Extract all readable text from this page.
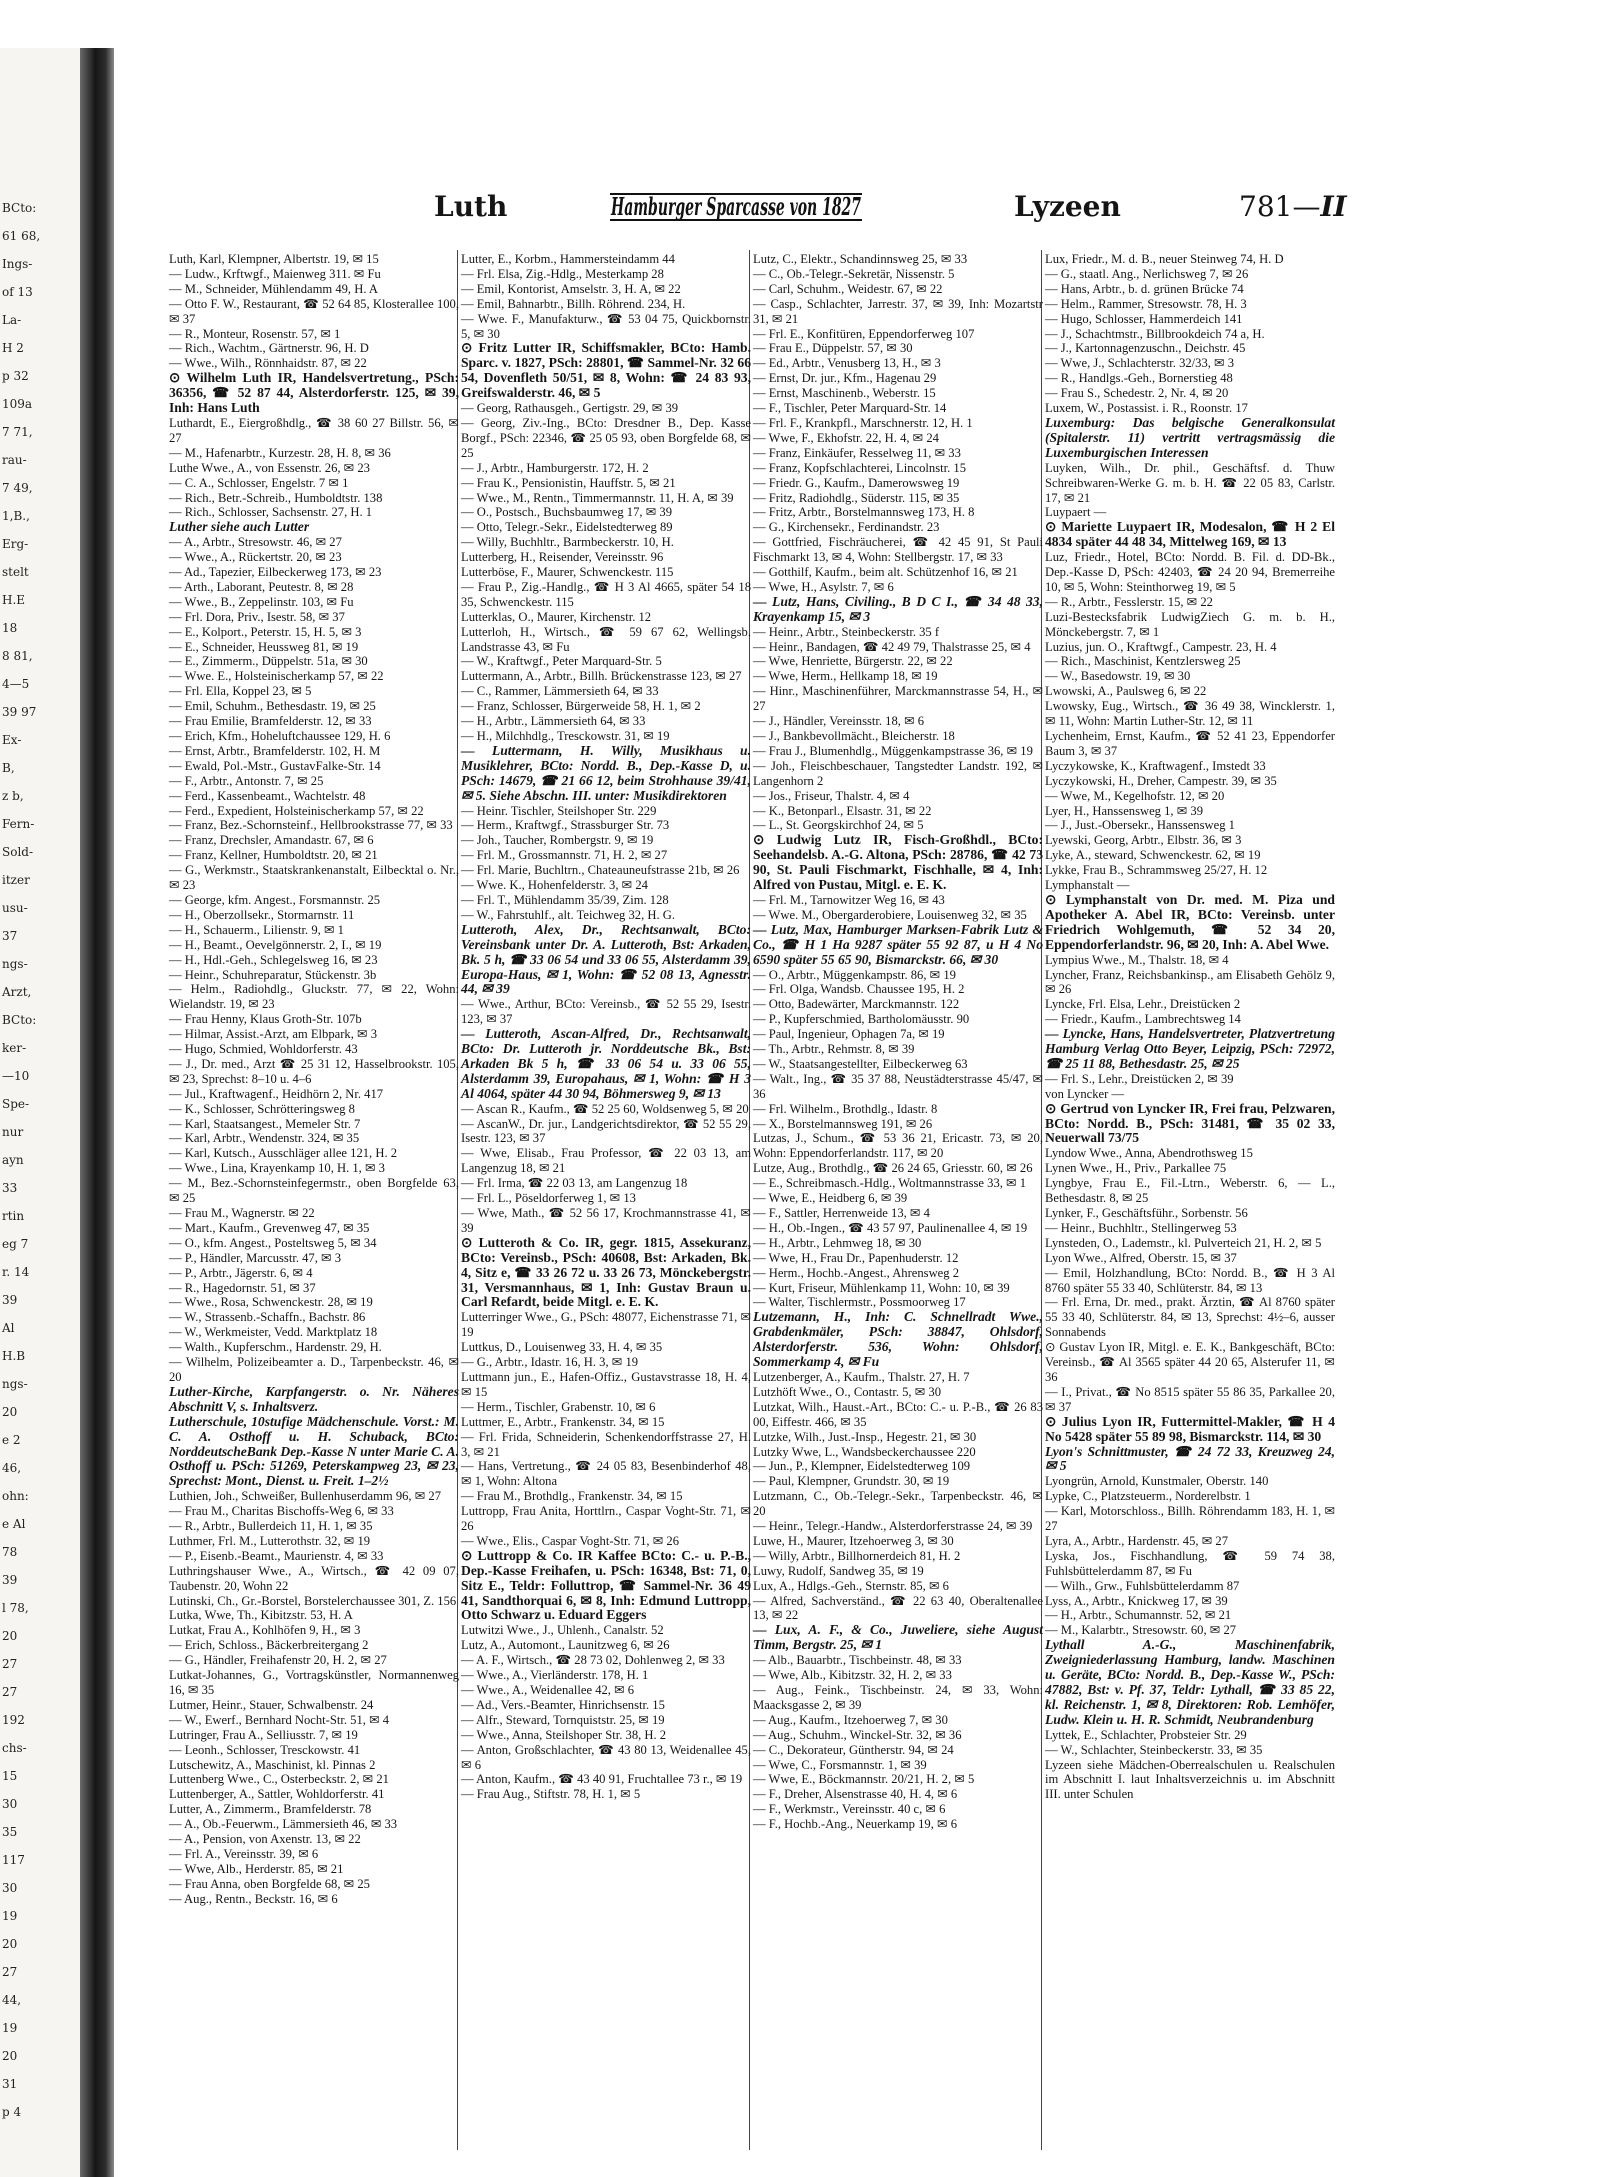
BCto:
61 68,
Ings-
of 13
La-
H 2
p 32
109a
7 71,
rau-
7 49,
1,B.,
Erg-
stelt
H.E
18
8 81,
4—5
39 97
Ex-
B,
z b,
Fern-
Sold-
itzer
usu-
37
ngs-
Arzt,
BCto:
ker-
—10
Spe-
nur
ayn
33
rtin
eg 7
r. 14
39
Al
H.B
ngs-
20
e 2
46,
ohn:
e Al
78
39
l 78,
20
27
27
192
chs-
15
30
35
117
30
19
20
27
44,
19
20
31
p 4
Luth	Hamburger Sparcasse von 1827	Lyzeen	781—II

Luth, Karl, Klempner, Albertstr. 19, ✉ 15

— Ludw., Krftwgf., Maienweg 311. ✉ Fu

— M., Schneider, Mühlendamm 49, H. A

— Otto F. W., Restaurant, ☎ 52 64 85, Klosterallee 100, ✉ 37

— R., Monteur, Rosenstr. 57, ✉ 1

— Rich., Wachtm., Gärtnerstr. 96, H. D

— Wwe., Wilh., Rönnhaidstr. 87, ✉ 22

⊙ Wilhelm Luth IR, Handelsvertretung., PSch: 36356, ☎ 52 87 44, Alsterdorferstr. 125, ✉ 39, Inh: Hans Luth

Luthardt, E., Eiergroßhdlg., ☎ 38 60 27 Billstr. 56, ✉ 27

— M., Hafenarbtr., Kurzestr. 28, H. 8, ✉ 36

Luthe Wwe., A., von Essenstr. 26, ✉ 23

— C. A., Schlosser, Engelstr. 7 ✉ 1

— Rich., Betr.-Schreib., Humboldtstr. 138

— Rich., Schlosser, Sachsenstr. 27, H. 1

Luther siehe auch Lutter

— A., Arbtr., Stresowstr. 46, ✉ 27

— Wwe., A., Rückertstr. 20, ✉ 23

— Ad., Tapezier, Eilbeckerweg 173, ✉ 23

— Arth., Laborant, Peutestr. 8, ✉ 28

— Wwe., B., Zeppelinstr. 103, ✉ Fu

— Frl. Dora, Priv., Isestr. 58, ✉ 37

— E., Kolport., Peterstr. 15, H. 5, ✉ 3

— E., Schneider, Heussweg 81, ✉ 19

— E., Zimmerm., Düppelstr. 51a, ✉ 30

— Wwe. E., Holsteinischerkamp 57, ✉ 22

— Frl. Ella, Koppel 23, ✉ 5

— Emil, Schuhm., Bethesdastr. 19, ✉ 25

— Frau Emilie, Bramfelderstr. 12, ✉ 33

— Erich, Kfm., Hoheluftchaussee 129, H. 6

— Ernst, Arbtr., Bramfelderstr. 102, H. M

— Ewald, Pol.-Mstr., GustavFalke-Str. 14

— F., Arbtr., Antonstr. 7, ✉ 25

— Ferd., Kassenbeamt., Wachtelstr. 48

— Ferd., Expedient, Holsteinischerkamp 57, ✉ 22

— Franz, Bez.-Schornsteinf., Hellbrookstrasse 77, ✉ 33

— Franz, Drechsler, Amandastr. 67, ✉ 6

— Franz, Kellner, Humboldtstr. 20, ✉ 21

— G., Werkmstr., Staatskrankenanstalt, Eilbecktal o. Nr., ✉ 23

— George, kfm. Angest., Forsmannstr. 25

— H., Oberzollsekr., Stormarnstr. 11

— H., Schauerm., Lilienstr. 9, ✉ 1

— H., Beamt., Oevelgönnerstr. 2, I., ✉ 19

— H., Hdl.-Geh., Schlegelsweg 16, ✉ 23

— Heinr., Schuhreparatur, Stückenstr. 3b

— Helm., Radiohdlg., Gluckstr. 77, ✉ 22, Wohn: Wielandstr. 19, ✉ 23

— Frau Henny, Klaus Groth-Str. 107b

— Hilmar, Assist.-Arzt, am Elbpark, ✉ 3

— Hugo, Schmied, Wohldorferstr. 43

— J., Dr. med., Arzt ☎ 25 31 12, Hasselbrookstr. 105, ✉ 23, Sprechst: 8–10 u. 4–6

— Jul., Kraftwagenf., Heidhörn 2, Nr. 417

— K., Schlosser, Schrötteringsweg 8

— Karl, Staatsangest., Memeler Str. 7

— Karl, Arbtr., Wendenstr. 324, ✉ 35

— Karl, Kutsch., Ausschläger allee 121, H. 2

— Wwe., Lina, Krayenkamp 10, H. 1, ✉ 3

— M., Bez.-Schornsteinfegermstr., oben Borgfelde 63, ✉ 25

— Frau M., Wagnerstr. ✉ 22

— Mart., Kaufm., Grevenweg 47, ✉ 35

— O., kfm. Angest., Posteltsweg 5, ✉ 34

— P., Händler, Marcusstr. 47, ✉ 3

— P., Arbtr., Jägerstr. 6, ✉ 4

— R., Hagedornstr. 51, ✉ 37

— Wwe., Rosa, Schwenckestr. 28, ✉ 19

— W., Strassenb.-Schaffn., Bachstr. 86

— W., Werkmeister, Vedd. Marktplatz 18

— Walth., Kupferschm., Hardenstr. 29, H.

— Wilhelm, Polizeibeamter a. D., Tarpenbeckstr. 46, ✉ 20

Luther-Kirche, Karpfangerstr. o. Nr. Näheres Abschnitt V, s. Inhaltsverz.

Lutherschule, 10stufige Mädchenschule. Vorst.: M. C. A. Osthoff u. H. Schuback, BCto: NorddeutscheBank Dep.-Kasse N unter Marie C. A. Osthoff u. PSch: 51269, Peterskampweg 23, ✉ 23, Sprechst: Mont., Dienst. u. Freit. 1–2½

Luthien, Joh., Schweißer, Bullenhuserdamm 96, ✉ 27

— Frau M., Charitas Bischoffs-Weg 6, ✉ 33

— R., Arbtr., Bullerdeich 11, H. 1, ✉ 35

Luthmer, Frl. M., Lutterothstr. 32, ✉ 19

— P., Eisenb.-Beamt., Maurienstr. 4, ✉ 33

Luthringshauser Wwe., A., Wirtsch., ☎ 42 09 07, Taubenstr. 20, Wohn 22

Lutinski, Ch., Gr.-Borstel, Borstelerchaussee 301, Z. 156

Lutka, Wwe, Th., Kibitzstr. 53, H. A

Lutkat, Frau A., Kohlhöfen 9, H., ✉ 3

— Erich, Schloss., Bäckerbreitergang 2

— G., Händler, Freihafenstr 20, H. 2, ✉ 27

Lutkat-Johannes, G., Vortragskünstler, Normannenweg 16, ✉ 35

Lutmer, Heinr., Stauer, Schwalbenstr. 24

— W., Ewerf., Bernhard Nocht-Str. 51, ✉ 4

Lutringer, Frau A., Selliusstr. 7, ✉ 19

— Leonh., Schlosser, Tresckowstr. 41

Lutschewitz, A., Maschinist, kl. Pinnas 2

Luttenberg Wwe., C., Osterbeckstr. 2, ✉ 21

Luttenberger, A., Sattler, Wohldorferstr. 41

Lutter, A., Zimmerm., Bramfelderstr. 78

— A., Ob.-Feuerwm., Lämmersieth 46, ✉ 33

— A., Pension, von Axenstr. 13, ✉ 22

— Frl. A., Vereinsstr. 39, ✉ 6

— Wwe, Alb., Herderstr. 85, ✉ 21

— Frau Anna, oben Borgfelde 68, ✉ 25

— Aug., Rentn., Beckstr. 16, ✉ 6

Lutter, E., Korbm., Hammersteindamm 44

— Frl. Elsa, Zig.-Hdlg., Mesterkamp 28

— Emil, Kontorist, Amselstr. 3, H. A, ✉ 22

— Emil, Bahnarbtr., Billh. Röhrend. 234, H.

— Wwe. F., Manufakturw., ☎ 53 04 75, Quickbornstr. 5, ✉ 30

⊙ Fritz Lutter IR, Schiffsmakler, BCto: Hamb. Sparc. v. 1827, PSch: 28801, ☎ Sammel-Nr. 32 66 54, Dovenfleth 50/51, ✉ 8, Wohn: ☎ 24 83 93, Greifswalderstr. 46, ✉ 5

— Georg, Rathausgeh., Gertigstr. 29, ✉ 39

— Georg, Ziv.-Ing., BCto: Dresdner B., Dep. Kasse Borgf., PSch: 22346, ☎ 25 05 93, oben Borgfelde 68, ✉ 25

— J., Arbtr., Hamburgerstr. 172, H. 2

— Frau K., Pensionistin, Hauffstr. 5, ✉ 21

— Wwe., M., Rentn., Timmermannstr. 11, H. A, ✉ 39

— O., Postsch., Buchsbaumweg 17, ✉ 39

— Otto, Telegr.-Sekr., Eidelstedterweg 89

— Willy, Buchhltr., Barmbeckerstr. 10, H.

Lutterberg, H., Reisender, Vereinsstr. 96

Lutterböse, F., Maurer, Schwenckestr. 115

— Frau P., Zig.-Handlg., ☎ H 3 Al 4665, später 54 18 35, Schwenckestr. 115

Lutterklas, O., Maurer, Kirchenstr. 12

Lutterloh, H., Wirtsch., ☎ 59 67 62, Wellingsb. Landstrasse 43, ✉ Fu

— W., Kraftwgf., Peter Marquard-Str. 5

Luttermann, A., Arbtr., Billh. Brückenstrasse 123, ✉ 27

— C., Rammer, Lämmersieth 64, ✉ 33

— Franz, Schlosser, Bürgerweide 58, H. 1, ✉ 2

— H., Arbtr., Lämmersieth 64, ✉ 33

— H., Milchhdlg., Tresckowstr. 31, ✉ 19

— Luttermann, H. Willy, Musikhaus u. Musiklehrer, BCto: Nordd. B., Dep.-Kasse D, u. PSch: 14679, ☎ 21 66 12, beim Strohhause 39/41, ✉ 5. Siehe Abschn. III. unter: Musikdirektoren

— Heinr. Tischler, Steilshoper Str. 229

— Herm., Kraftwgf., Strassburger Str. 73

— Joh., Taucher, Rombergstr. 9, ✉ 19

— Frl. M., Grossmannstr. 71, H. 2, ✉ 27

— Frl. Marie, Buchltrn., Chateauneufstrasse 21b, ✉ 26

— Wwe. K., Hohenfelderstr. 3, ✉ 24

— Frl. T., Mühlendamm 35/39, Zim. 128

— W., Fahrstuhlf., alt. Teichweg 32, H. G.

Lutteroth, Alex, Dr., Rechtsanwalt, BCto: Vereinsbank unter Dr. A. Lutteroth, Bst: Arkaden, Bk. 5 h, ☎ 33 06 54 und 33 06 55, Alsterdamm 39, Europa-Haus, ✉ 1, Wohn: ☎ 52 08 13, Agnesstr. 44, ✉ 39

— Wwe., Arthur, BCto: Vereinsb., ☎ 52 55 29, Isestr. 123, ✉ 37

— Lutteroth, Ascan-Alfred, Dr., Rechtsanwalt, BCto: Dr. Lutteroth jr. Norddeutsche Bk., Bst: Arkaden Bk 5 h, ☎ 33 06 54 u. 33 06 55, Alsterdamm 39, Europahaus, ✉ 1, Wohn: ☎ H 3 Al 4064, später 44 30 94, Böhmersweg 9, ✉ 13

— Ascan R., Kaufm., ☎ 52 25 60, Woldsenweg 5, ✉ 20

— AscanW., Dr. jur., Landgerichtsdirektor, ☎ 52 55 29, Isestr. 123, ✉ 37

— Wwe, Elisab., Frau Professor, ☎ 22 03 13, am Langenzug 18, ✉ 21

— Frl. Irma, ☎ 22 03 13, am Langenzug 18

— Frl. L., Pöseldorferweg 1, ✉ 13

— Wwe, Math., ☎ 52 56 17, Krochmannstrasse 41, ✉ 39

⊙ Lutteroth & Co. IR, gegr. 1815, Assekuranz, BCto: Vereinsb., PSch: 40608, Bst: Arkaden, Bk. 4, Sitz e, ☎ 33 26 72 u. 33 26 73, Mönckebergstr. 31, Versmannhaus, ✉ 1, Inh: Gustav Braun u. Carl Refardt, beide Mitgl. e. E. K.

Lutterringer Wwe., G., PSch: 48077, Eichenstrasse 71, ✉ 19

Luttkus, D., Louisenweg 33, H. 4, ✉ 35

— G., Arbtr., Idastr. 16, H. 3, ✉ 19

Luttmann jun., E., Hafen-Offiz., Gustavstrasse 18, H. 4, ✉ 15

— Herm., Tischler, Grabenstr. 10, ✉ 6

Luttmer, E., Arbtr., Frankenstr. 34, ✉ 15

— Frl. Frida, Schneiderin, Schenkendorffstrasse 27, H. 3, ✉ 21

— Hans, Vertretung., ☎ 24 05 83, Besenbinderhof 48, ✉ 1, Wohn: Altona

— Frau M., Brothdlg., Frankenstr. 34, ✉ 15

Luttropp, Frau Anita, Horttlrn., Caspar Voght-Str. 71, ✉ 26

— Wwe., Elis., Caspar Voght-Str. 71, ✉ 26

⊙ Luttropp & Co. IR Kaffee BCto: C.- u. P.-B., Dep.-Kasse Freihafen, u. PSch: 16348, Bst: 71, 0, Sitz E., Teldr: Folluttrop, ☎ Sammel-Nr. 36 49 41, Sandthorquai 6, ✉ 8, Inh: Edmund Luttropp, Otto Schwarz u. Eduard Eggers

Lutwitzi Wwe., J., Uhlenh., Canalstr. 52

Lutz, A., Automont., Launitzweg 6, ✉ 26

— A. F., Wirtsch., ☎ 28 73 02, Dohlenweg 2, ✉ 33

— Wwe., A., Vierländerstr. 178, H. 1

— Wwe., A., Weidenallee 42, ✉ 6

— Ad., Vers.-Beamter, Hinrichsenstr. 15

— Alfr., Steward, Tornquiststr. 25, ✉ 19

— Wwe., Anna, Steilshoper Str. 38, H. 2

— Anton, Großschlachter, ☎ 43 80 13, Weidenallee 45, ✉ 6

— Anton, Kaufm., ☎ 43 40 91, Fruchtallee 73 r., ✉ 19

— Frau Aug., Stiftstr. 78, H. 1, ✉ 5

Lutz, C., Elektr., Schandinnsweg 25, ✉ 33

— C., Ob.-Telegr.-Sekretär, Nissenstr. 5

— Carl, Schuhm., Weidestr. 67, ✉ 22

— Casp., Schlachter, Jarrestr. 37, ✉ 39, Inh: Mozartstr 31, ✉ 21

— Frl. E., Konfitüren, Eppendorferweg 107

— Frau E., Düppelstr. 57, ✉ 30

— Ed., Arbtr., Venusberg 13, H., ✉ 3

— Ernst, Dr. jur., Kfm., Hagenau 29

— Ernst, Maschinenb., Weberstr. 15

— F., Tischler, Peter Marquard-Str. 14

— Frl. F., Krankpfl., Marschnerstr. 12, H. 1

— Wwe, F., Ekhofstr. 22, H. 4, ✉ 24

— Franz, Einkäufer, Resselweg 11, ✉ 33

— Franz, Kopfschlachterei, Lincolnstr. 15

— Friedr. G., Kaufm., Damerowsweg 19

— Fritz, Radiohdlg., Süderstr. 115, ✉ 35

— Fritz, Arbtr., Borstelmannsweg 173, H. 8

— G., Kirchensekr., Ferdinandstr. 23

— Gottfried, Fischräucherei, ☎ 42 45 91, St Pauli Fischmarkt 13, ✉ 4, Wohn: Stellbergstr. 17, ✉ 33

— Gotthilf, Kaufm., beim alt. Schützenhof 16, ✉ 21

— Wwe, H., Asylstr. 7, ✉ 6

— Lutz, Hans, Civiling., B D C I., ☎ 34 48 33, Krayenkamp 15, ✉ 3

— Heinr., Arbtr., Steinbeckerstr. 35 f

— Heinr., Bandagen, ☎ 42 49 79, Thalstrasse 25, ✉ 4

— Wwe, Henriette, Bürgerstr. 22, ✉ 22

— Wwe, Herm., Hellkamp 18, ✉ 19

— Hinr., Maschinenführer, Marckmannstrasse 54, H., ✉ 27

— J., Händler, Vereinsstr. 18, ✉ 6

— J., Bankbevollmächt., Bleicherstr. 18

— Frau J., Blumenhdlg., Müggenkampstrasse 36, ✉ 19

— Joh., Fleischbeschauer, Tangstedter Landstr. 192, ✉ Langenhorn 2

— Jos., Friseur, Thalstr. 4, ✉ 4

— K., Betonparl., Elsastr. 31, ✉ 22

— L., St. Georgskirchhof 24, ✉ 5

⊙ Ludwig Lutz IR, Fisch-Großhdl., BCto: Seehandelsb. A.-G. Altona, PSch: 28786, ☎ 42 73 90, St. Pauli Fischmarkt, Fischhalle, ✉ 4, Inh: Alfred von Pustau, Mitgl. e. E. K.

— Frl. M., Tarnowitzer Weg 16, ✉ 43

— Wwe. M., Obergarderobiere, Louisenweg 32, ✉ 35

— Lutz, Max, Hamburger Marksen-Fabrik Lutz & Co., ☎ H 1 Ha 9287 später 55 92 87, u H 4 No 6590 später 55 65 90, Bismarckstr. 66, ✉ 30

— O., Arbtr., Müggenkampstr. 86, ✉ 19

— Frl. Olga, Wandsb. Chaussee 195, H. 2

— Otto, Badewärter, Marckmannstr. 122

— P., Kupferschmied, Bartholomäusstr. 90

— Paul, Ingenieur, Ophagen 7a, ✉ 19

— Th., Arbtr., Rehmstr. 8, ✉ 39

— W., Staatsangestellter, Eilbeckerweg 63

— Walt., Ing., ☎ 35 37 88, Neustädterstrasse 45/47, ✉ 36

— Frl. Wilhelm., Brothdlg., Idastr. 8

— X., Borstelmannsweg 191, ✉ 26

Lutzas, J., Schum., ☎ 53 36 21, Ericastr. 73, ✉ 20, Wohn: Eppendorferlandstr. 117, ✉ 20

Lutze, Aug., Brothdlg., ☎ 26 24 65, Griesstr. 60, ✉ 26

— E., Schreibmasch.-Hdlg., Woltmannstrasse 33, ✉ 1

— Wwe, E., Heidberg 6, ✉ 39

— F., Sattler, Herrenweide 13, ✉ 4

— H., Ob.-Ingen., ☎ 43 57 97, Paulinenallee 4, ✉ 19

— H., Arbtr., Lehmweg 18, ✉ 30

— Wwe, H., Frau Dr., Papenhuderstr. 12

— Herm., Hochb.-Angest., Ahrensweg 2

— Kurt, Friseur, Mühlenkamp 11, Wohn: 10, ✉ 39

— Walter, Tischlermstr., Possmoorweg 17

Lutzemann, H., Inh: C. Schnellradt Wwe., Grabdenkmäler, PSch: 38847, Ohlsdorf, Alsterdorferstr. 536, Wohn: Ohlsdorf, Sommerkamp 4, ✉ Fu

Lutzenberger, A., Kaufm., Thalstr. 27, H. 7

Lutzhöft Wwe., O., Contastr. 5, ✉ 30

Lutzkat, Wilh., Haust.-Art., BCto: C.- u. P.-B., ☎ 26 83 00, Eiffestr. 466, ✉ 35

Lutzke, Wilh., Just.-Insp., Hegestr. 21, ✉ 30

Lutzky Wwe, L., Wandsbeckerchaussee 220

— Jun., P., Klempner, Eidelstedterweg 109

— Paul, Klempner, Grundstr. 30, ✉ 19

Lutzmann, C., Ob.-Telegr.-Sekr., Tarpenbeckstr. 46, ✉ 20

— Heinr., Telegr.-Handw., Alsterdorferstrasse 24, ✉ 39

Luwe, H., Maurer, Itzehoerweg 3, ✉ 30

— Willy, Arbtr., Billhornerdeich 81, H. 2

Luwy, Rudolf, Sandweg 35, ✉ 19

Lux, A., Hdlgs.-Geh., Sternstr. 85, ✉ 6

— Alfred, Sachverständ., ☎ 22 63 40, Oberaltenallee 13, ✉ 22

— Lux, A. F., & Co., Juweliere, siehe August Timm, Bergstr. 25, ✉ 1

— Alb., Bauarbtr., Tischbeinstr. 48, ✉ 33

— Wwe, Alb., Kibitzstr. 32, H. 2, ✉ 33

— Aug., Feink., Tischbeinstr. 24, ✉ 33, Wohn: Maacksgasse 2, ✉ 39

— Aug., Kaufm., Itzehoerweg 7, ✉ 30

— Aug., Schuhm., Winckel-Str. 32, ✉ 36

— C., Dekorateur, Güntherstr. 94, ✉ 24

— Wwe, C., Forsmannstr. 1, ✉ 39

— Wwe, E., Böckmannstr. 20/21, H. 2, ✉ 5

— F., Dreher, Alsenstrasse 40, H. 4, ✉ 6

— F., Werkmstr., Vereinsstr. 40 c, ✉ 6

— F., Hochb.-Ang., Neuerkamp 19, ✉ 6

Lux, Friedr., M. d. B., neuer Steinweg 74, H. D

— G., staatl. Ang., Nerlichsweg 7, ✉ 26

— Hans, Arbtr., b. d. grünen Brücke 74

— Helm., Rammer, Stresowstr. 78, H. 3

— Hugo, Schlosser, Hammerdeich 141

— J., Schachtmstr., Billbrookdeich 74 a, H.

— J., Kartonnagenzuschn., Deichstr. 45

— Wwe, J., Schlachterstr. 32/33, ✉ 3

— R., Handlgs.-Geh., Bornerstieg 48

— Frau S., Schedestr. 2, Nr. 4, ✉ 20

Luxem, W., Postassist. i. R., Roonstr. 17

Luxemburg: Das belgische Generalkonsulat (Spitalerstr. 11) vertritt vertragsmässig die Luxemburgischen Interessen

Luyken, Wilh., Dr. phil., Geschäftsf. d. Thuw Schreibwaren-Werke G. m. b. H. ☎ 22 05 83, Carlstr. 17, ✉ 21

Luypaert —

⊙ Mariette Luypaert IR, Modesalon, ☎ H 2 El 4834 später 44 48 34, Mittelweg 169, ✉ 13

Luz, Friedr., Hotel, BCto: Nordd. B. Fil. d. DD-Bk., Dep.-Kasse D, PSch: 42403, ☎ 24 20 94, Bremerreihe 10, ✉ 5, Wohn: Steinthorweg 19, ✉ 5

— R., Arbtr., Fesslerstr. 15, ✉ 22

Luzi-Bestecksfabrik LudwigZiech G. m. b. H., Mönckebergstr. 7, ✉ 1

Luzius, jun. O., Kraftwgf., Campestr. 23, H. 4

— Rich., Maschinist, Kentzlersweg 25

— W., Basedowstr. 19, ✉ 30

Lwowski, A., Paulsweg 6, ✉ 22

Lwowsky, Eug., Wirtsch., ☎ 36 49 38, Wincklerstr. 1, ✉ 11, Wohn: Martin Luther-Str. 12, ✉ 11

Lychenheim, Ernst, Kaufm., ☎ 52 41 23, Eppendorfer Baum 3, ✉ 37

Lyczykowske, K., Kraftwagenf., Imstedt 33

Lyczykowski, H., Dreher, Campestr. 39, ✉ 35

— Wwe, M., Kegelhofstr. 12, ✉ 20

Lyer, H., Hanssensweg 1, ✉ 39

— J., Just.-Obersekr., Hanssensweg 1

Lyewski, Georg, Arbtr., Elbstr. 36, ✉ 3

Lyke, A., steward, Schwenckestr. 62, ✉ 19

Lykke, Frau B., Schrammsweg 25/27, H. 12

Lymphanstalt —

⊙ Lymphanstalt von Dr. med. M. Piza und Apotheker A. Abel IR, BCto: Vereinsb. unter Friedrich Wohlgemuth, ☎ 52 34 20, Eppendorferlandstr. 96, ✉ 20, Inh: A. Abel Wwe.

Lympius Wwe., M., Thalstr. 18, ✉ 4

Lyncher, Franz, Reichsbankinsp., am Elisabeth Gehölz 9, ✉ 26

Lyncke, Frl. Elsa, Lehr., Dreistücken 2

— Friedr., Kaufm., Lambrechtsweg 14

— Lyncke, Hans, Handelsvertreter, Platzvertretung Hamburg Verlag Otto Beyer, Leipzig, PSch: 72972, ☎ 25 11 88, Bethesdastr. 25, ✉ 25

— Frl. S., Lehr., Dreistücken 2, ✉ 39

von Lyncker —

⊙ Gertrud von Lyncker IR, Frei frau, Pelzwaren, BCto: Nordd. B., PSch: 31481, ☎ 35 02 33, Neuerwall 73/75

Lyndow Wwe., Anna, Abendrothsweg 15

Lynen Wwe., H., Priv., Parkallee 75

Lyngbye, Frau E., Fil.-Ltrn., Weberstr. 6, — L., Bethesdastr. 8, ✉ 25

Lynker, F., Geschäftsführ., Sorbenstr. 56

— Heinr., Buchhltr., Stellingerweg 53

Lynsteden, O., Lademstr., kl. Pulverteich 21, H. 2, ✉ 5

Lyon Wwe., Alfred, Oberstr. 15, ✉ 37

— Emil, Holzhandlung, BCto: Nordd. B., ☎ H 3 Al 8760 später 55 33 40, Schlüterstr. 84, ✉ 13

— Frl. Erna, Dr. med., prakt. Ärztin, ☎ Al 8760 später 55 33 40, Schlüterstr. 84, ✉ 13, Sprechst: 4½–6, ausser Sonnabends

⊙ Gustav Lyon IR, Mitgl. e. E. K., Bankgeschäft, BCto: Vereinsb., ☎ Al 3565 später 44 20 65, Alsterufer 11, ✉ 36

— I., Privat., ☎ No 8515 später 55 86 35, Parkallee 20, ✉ 37

⊙ Julius Lyon IR, Futtermittel-Makler, ☎ H 4 No 5428 später 55 89 98, Bismarckstr. 114, ✉ 30

Lyon's Schnittmuster, ☎ 24 72 33, Kreuzweg 24, ✉ 5

Lyongrün, Arnold, Kunstmaler, Oberstr. 140

Lypke, C., Platzsteuerm., Norderelbstr. 1

— Karl, Motorschloss., Billh. Röhrendamm 183, H. 1, ✉ 27

Lyra, A., Arbtr., Hardenstr. 45, ✉ 27

Lyska, Jos., Fischhandlung, ☎ 59 74 38, Fuhlsbüttelerdamm 87, ✉ Fu

— Wilh., Grw., Fuhlsbüttelerdamm 87

Lyss, A., Arbtr., Knickweg 17, ✉ 39

— H., Arbtr., Schumannstr. 52, ✉ 21

— M., Kalarbtr., Stresowstr. 60, ✉ 27

Lythall A.-G., Maschinenfabrik, Zweigniederlassung Hamburg, landw. Maschinen u. Geräte, BCto: Nordd. B., Dep.-Kasse W., PSch: 47882, Bst: v. Pf. 37, Teldr: Lythall, ☎ 33 85 22, kl. Reichenstr. 1, ✉ 8, Direktoren: Rob. Lemhöfer, Ludw. Klein u. H. R. Schmidt, Neubrandenburg

Lyttek, E., Schlachter, Probsteier Str. 29

— W., Schlachter, Steinbeckerstr. 33, ✉ 35

Lyzeen siehe Mädchen-Oberrealschulen u. Realschulen im Abschnitt I. laut Inhaltsverzeichnis u. im Abschnitt III. unter Schulen
